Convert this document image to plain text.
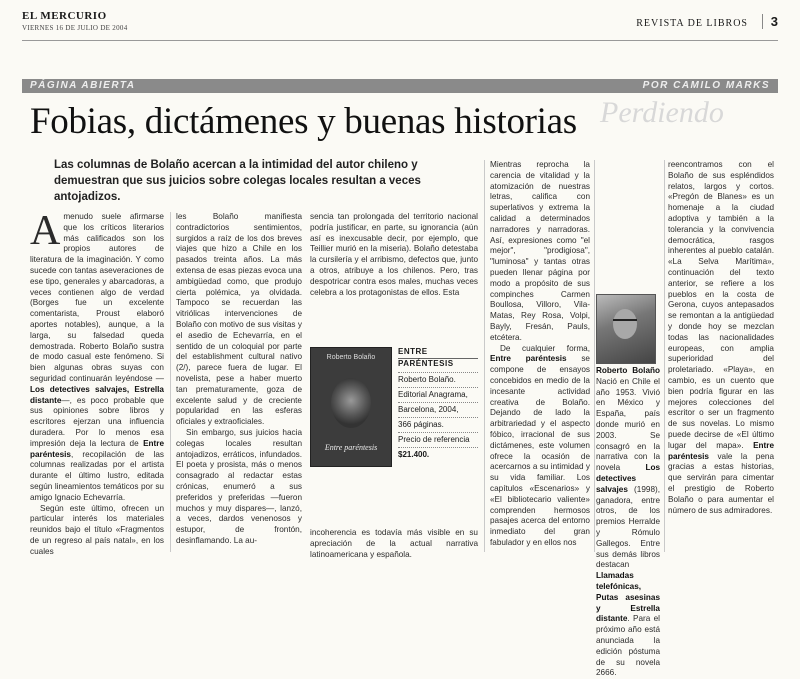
EL MERCURIO
VIERNES 16 DE JULIO DE 2004	REVISTA DE LIBROS	3
PÁGINA ABIERTA	POR CAMILO MARKS
Perdiendo
Fobias, dictámenes y buenas historias
Las columnas de Bolaño acercan a la intimidad del autor chileno y demuestran que sus juicios sobre colegas locales resultan a veces antojadizos.
Amenudo suele afirmarse que los críticos literarios más calificados son los propios autores de literatura de la imaginación. Y como sucede con tantas aseveraciones de ese tipo, generales y abarcadoras, a veces contienen algo de verdad (Borges fue un excelente comentarista, Proust elaboró aportes notables), aunque, a la larga, su falsedad queda demostrada. Roberto Bolaño sustra de modo casual este fenómeno. Si bien algunas obras suyas con seguridad continuarán leyéndose —Los detectives salvajes, Estrella distante—, es poco probable que sus opiniones sobre libros y escritores ejerzan una influencia duradera. Por lo menos esa impresión deja la lectura de Entre paréntesis, recopilación de las columnas realizadas por el artista durante el último lustro, editada según lineamientos temáticos por su amigo Ignacio Echevarría.
Según este último, ofrecen un particular interés los materiales reunidos bajo el título «Fragmentos de un regreso al país natal», en los cuales
les Bolaño manifiesta contradictorios sentimientos, surgidos a raíz de los dos breves viajes que hizo a Chile en los pasados treinta años. La más extensa de esas piezas evoca una ambigüedad como, que produjo cierta polémica, ya olvidada. Tampoco se recuerdan las vitriólicas intervenciones de Bolaño con motivo de sus visitas y el asedio de Echevarría, en el sentido de un coloquial por parte del establishment cultural nativo (2/), parece fuera de lugar. El novelista, pese a haber muerto tan prematuramente, goza de excelente salud y de creciente popularidad en las esferas oficiales y extraoficiales.
Sin embargo, sus juicios hacia colegas locales resultan antojadizos, erráticos, infundados. El poeta y prosista, más o menos consagrado al redactar estas crónicas, enumeró a sus preferidos y preferidas —fueron muchos y muy dispares—, lanzó, a veces, dardos venenosos y estupor, de frontón, desinflamando. La au-
sencia tan prolongada del territorio nacional podría justificar, en parte, su ignorancia (aún así es inexcusable decir, por ejemplo, que Teillier murió en la miseria). Bolaño detestaba la cursilería y el arribismo, defectos que, junto a otros, atribuye a los chilenos. Pero, tras despotricar contra esos males, muchas veces celebra a los protagonistas de ellos. Esta
Roberto Bolaño
Entre paréntesis
ENTRE
PARÉNTESIS
Roberto Bolaño.
Editorial Anagrama,
Barcelona, 2004,
366 páginas.
Precio de referencia
$21.400.
incoherencia es todavía más visible en su apreciación de la actual narrativa latinoamericana y española.
Mientras reprocha la carencia de vitalidad y la atomización de nuestras letras, califica con superlativos y extrema la calidad a determinados narradores y narradoras. Así, expresiones como "el mejor", "prodigiosa", "luminosa" y tantas otras pueden llenar página por modo a propósito de sus compinches Carmen Boullosa, Villoro, Vila-Matas, Rey Rosa, Volpi, Bayly, Fresán, Pauls, etcétera.
De cualquier forma, Entre paréntesis se compone de ensayos concebidos en medio de la incesante actividad creativa de Bolaño. Dejando de lado la arbitrariedad y el aspecto fóbico, irracional de sus dictámenes, este volumen ofrece la ocasión de acercarnos a su intimidad y su vida familiar. Los capítulos «Escenarios» y «El bibliotecario valiente» comprenden hermosos pasajes acerca del entorno inmediato del gran fabulador y en ellos nos
Roberto Bolaño Nació en Chile el año 1953. Vivió en México y España, país donde murió en 2003. Se consagró en la narrativa con la novela Los detectives salvajes (1998), ganadora, entre otros, de los premios Herralde y Rómulo Gallegos. Entre sus demás libros destacan Llamadas telefónicas, Putas asesinas y Estrella distante. Para el próximo año está anunciada la edición póstuma de su novela 2666.
reencontramos con el Bolaño de sus espléndidos relatos, largos y cortos. «Pregón de Blanes» es un homenaje a la ciudad adoptiva y también a la tolerancia y la convivencia democrática, rasgos inherentes al pueblo catalán. «La Selva Marítima», continuación del texto anterior, se refiere a los pueblos en la costa de Gerona, cuyos antepasados se remontan a la antigüedad y donde hoy se mezclan todas las nacionalidades europeas, con amplia superioridad del proletariado. «Playa», en cambio, es un cuento que bien podría figurar en las mejores colecciones del escritor o ser un fragmento de sus novelas. Lo mismo puede decirse de «El último lugar del mapa». Entre paréntesis vale la pena gracias a estas historias, que servirán para cimentar el prestigio de Roberto Bolaño o para aumentar el número de sus admiradores.
